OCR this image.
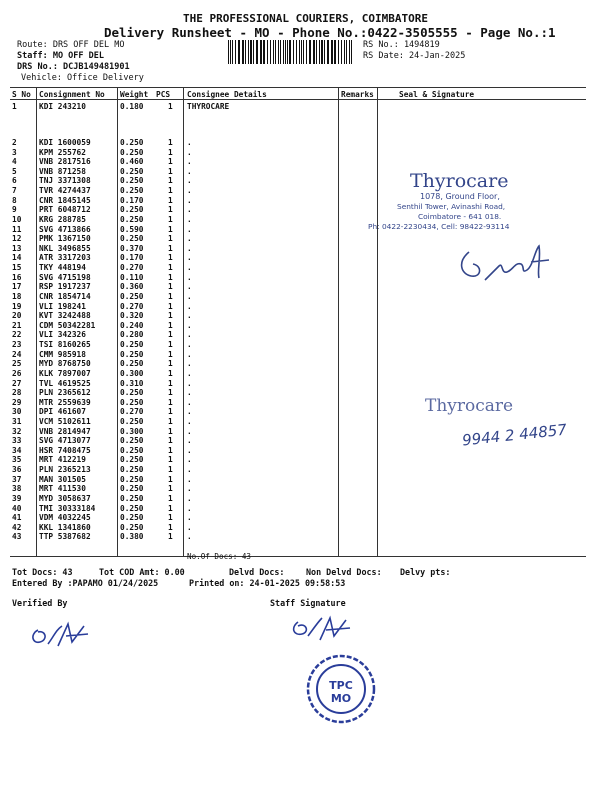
THE PROFESSIONAL COURIERS, COIMBATORE
Delivery Runsheet - MO - Phone No.:0422-3505555 - Page No.:1
Route: DRS OFF DEL MO
Staff: MO OFF DEL
DRS No.: DCJB149481901
Vehicle: Office Delivery
RS No.: 1494819
RS Date: 24-Jan-2025
S No Consignment No Weight PCS Consignee Details	Remarks	Seal & Signature
1	KDI 243210	0.180	1 THYROCARE
2	KDI 1600059	0.250	1 .
3	KPM 255762	0.250	1 .
4	VNB 2817516	0.460	1 .
5	VNB 871258	0.250	1 .
6	TNJ 3371308	0.250	1 .
7	TVR 4274437	0.250	1 .
8	CNR 1845145	0.170	1 .
9	PRT 6048712	0.250	1 .
10 KRG 288785	0.250	1 .
11 SVG 4713866	0.590	1 .
12 PMK 1367150	0.250	1 .
13 NKL 3496855	0.370	1 .
14 ATR 3317203	0.170	1 .
15 TKY 448194	0.270	1 .
16 SVG 4715198	0.110	1 .
17 RSP 1917237	0.360	1 .
18 CNR 1854714	0.250	1 .
19 VLI 198241	0.270	1 .
20 KVT 3242488	0.320	1 .
21 CDM 50342281	0.240	1 .
22 VLI 342326	0.280	1 .
23 TSI 8160265	0.250	1 .
24 CMM 985918	0.250	1 .
25 MYD 8768750	0.250	1 .
26 KLK 7897007	0.300	1 .
27 TVL 4619525	0.310	1 .
28 PLN 2365612	0.250	1 .
29 MTR 2559639	0.250	1 .
30 DPI 461607	0.270	1 .
31 VCM 5102611	0.250	1 .
32 VNB 2814947	0.300	1 .
33 SVG 4713077	0.250	1 .
34 HSR 7408475	0.250	1 .
35 MRT 412219	0.250	1 .
36 PLN 2365213	0.250	1 .
37 MAN 301505	0.250	1 .
38 MRT 411530	0.250	1 .
39 MYD 3058637	0.250	1 .
40 TMI 30333184	0.250	1 .
41 VDM 4032245	0.250	1 .
42 KKL 1341860	0.250	1 .
43 TTP 5387682	0.380	1 .
No.Of Docs: 43
Thyrocare
1078, Ground Floor,
Senthil Tower, Avinashi Road,
Coimbatore - 641 018.
Ph: 0422-2230434, Cell: 98422-93114
Thyrocare
9944 2 44857
Tot Docs: 43	Tot COD Amt: 0.00	Delvd Docs:	Non Delvd Docs: Delvy pts:
Entered By :PAPAMO 01/24/2025	Printed on: 24-01-2025 09:58:53
Verified By	Staff Signature
TPC
MO
